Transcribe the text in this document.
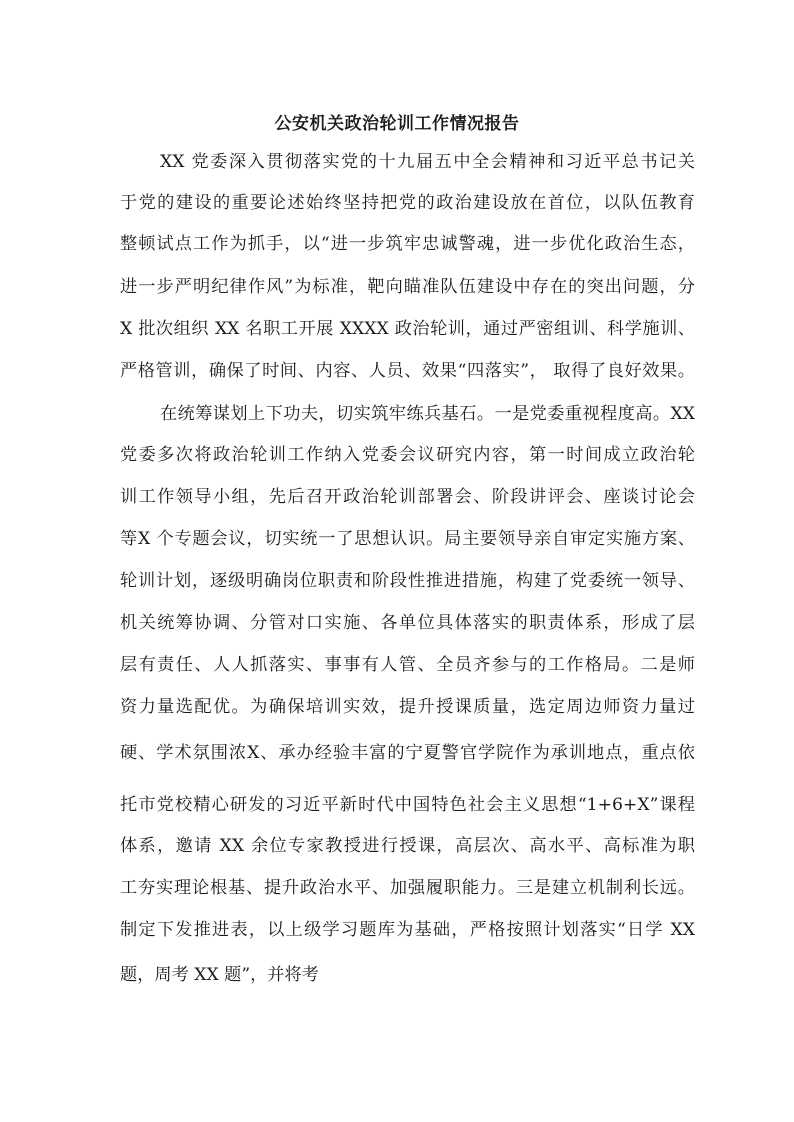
公安机关政治轮训工作情况报告
XX 党委深入贯彻落实党的十九届五中全会精神和习近平总书记关
于党的建设的重要论述始终坚持把党的政治建设放在首位，以队伍教育
整顿试点工作为抓手，以“进一步筑牢忠诚警魂，进一步优化政治生态，
进一步严明纪律作风”为标准，靶向瞄准队伍建设中存在的突出问题，分
X 批次组织 XX 名职工开展 XXXX 政治轮训，通过严密组训、科学施训、
严格管训，确保了时间、内容、人员、效果“四落实”， 取得了良好效果。
在统筹谋划上下功夫，切实筑牢练兵基石。一是党委重视程度高。XX
党委多次将政治轮训工作纳入党委会议研究内容，第一时间成立政治轮
训工作领导小组，先后召开政治轮训部署会、阶段讲评会、座谈讨论会
等X 个专题会议，切实统一了思想认识。局主要领导亲自审定实施方案、
轮训计划，逐级明确岗位职责和阶段性推进措施，构建了党委统一领导、
机关统筹协调、分管对口实施、各单位具体落实的职责体系，形成了层
层有责任、人人抓落实、事事有人管、全员齐参与的工作格局。二是师
资力量选配优。为确保培训实效，提升授课质量，选定周边师资力量过
硬、学术氛围浓X、承办经验丰富的宁夏警官学院作为承训地点，重点依
托市党校精心研发的习近平新时代中国特色社会主义思想“1+6+X”课程
体系，邀请 XX 余位专家教授进行授课，高层次、高水平、高标准为职
工夯实理论根基、提升政治水平、加强履职能力。三是建立机制利长远。
制定下发推进表，以上级学习题库为基础，严格按照计划落实“日学 XX
题，周考 XX 题”，并将考
